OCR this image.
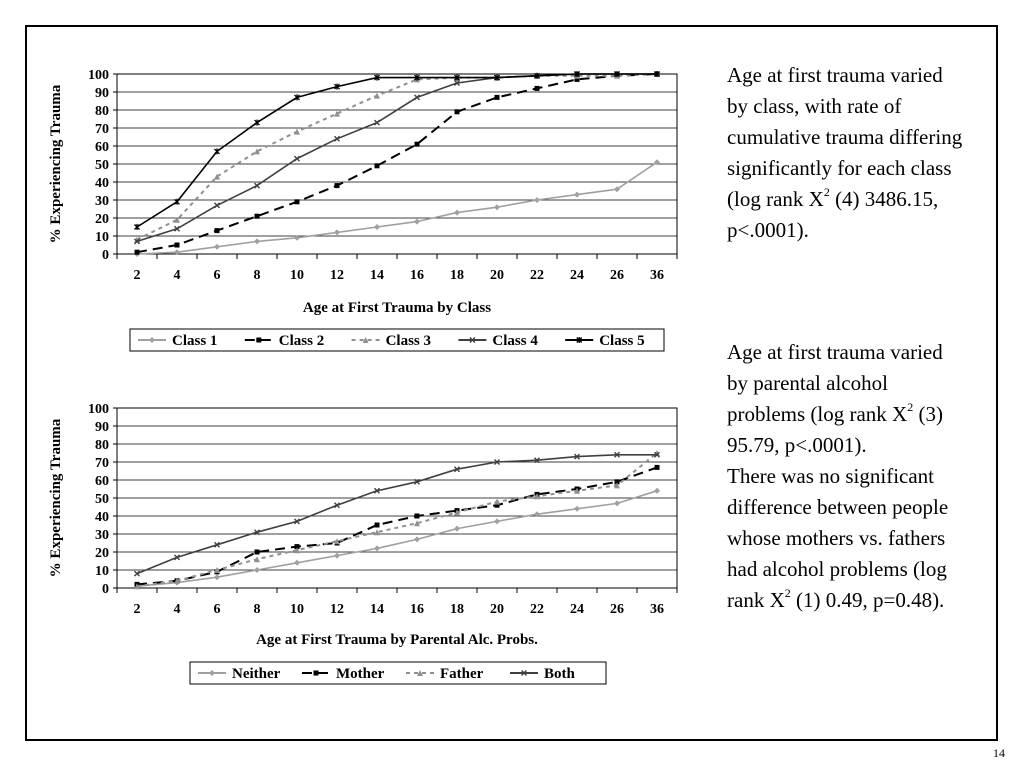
0
10
20
30
40
50
60
70
80
90
100
2 4 6 8 10 12 14 16 18 20 22 24 26 36
Age at First Trauma by Class
% Experiencing Trauma
Class 1	Class 2	Class 3	Class 4	Class 5
0
10
20
30
40
50
60
70
80
90
100
2 4 6 8 10 12 14 16 18 20 22 24 26 36
Age at First Trauma by Parental Alc. Probs.
% Experiencing Trauma
Neither	Mother	Father	Both

Age at first trauma varied by class, with rate of cumulative trauma differing significantly for each class (log rank $X^2$ (4) 3486.15, p<.0001).

Age at first trauma varied by parental alcohol problems (log rank $X^2$ (3) 95.79, p<.0001).
There was no significant difference between people whose mothers vs. fathers had alcohol problems (log rank $X^2$ (1) 0.49, p=0.48).

14
